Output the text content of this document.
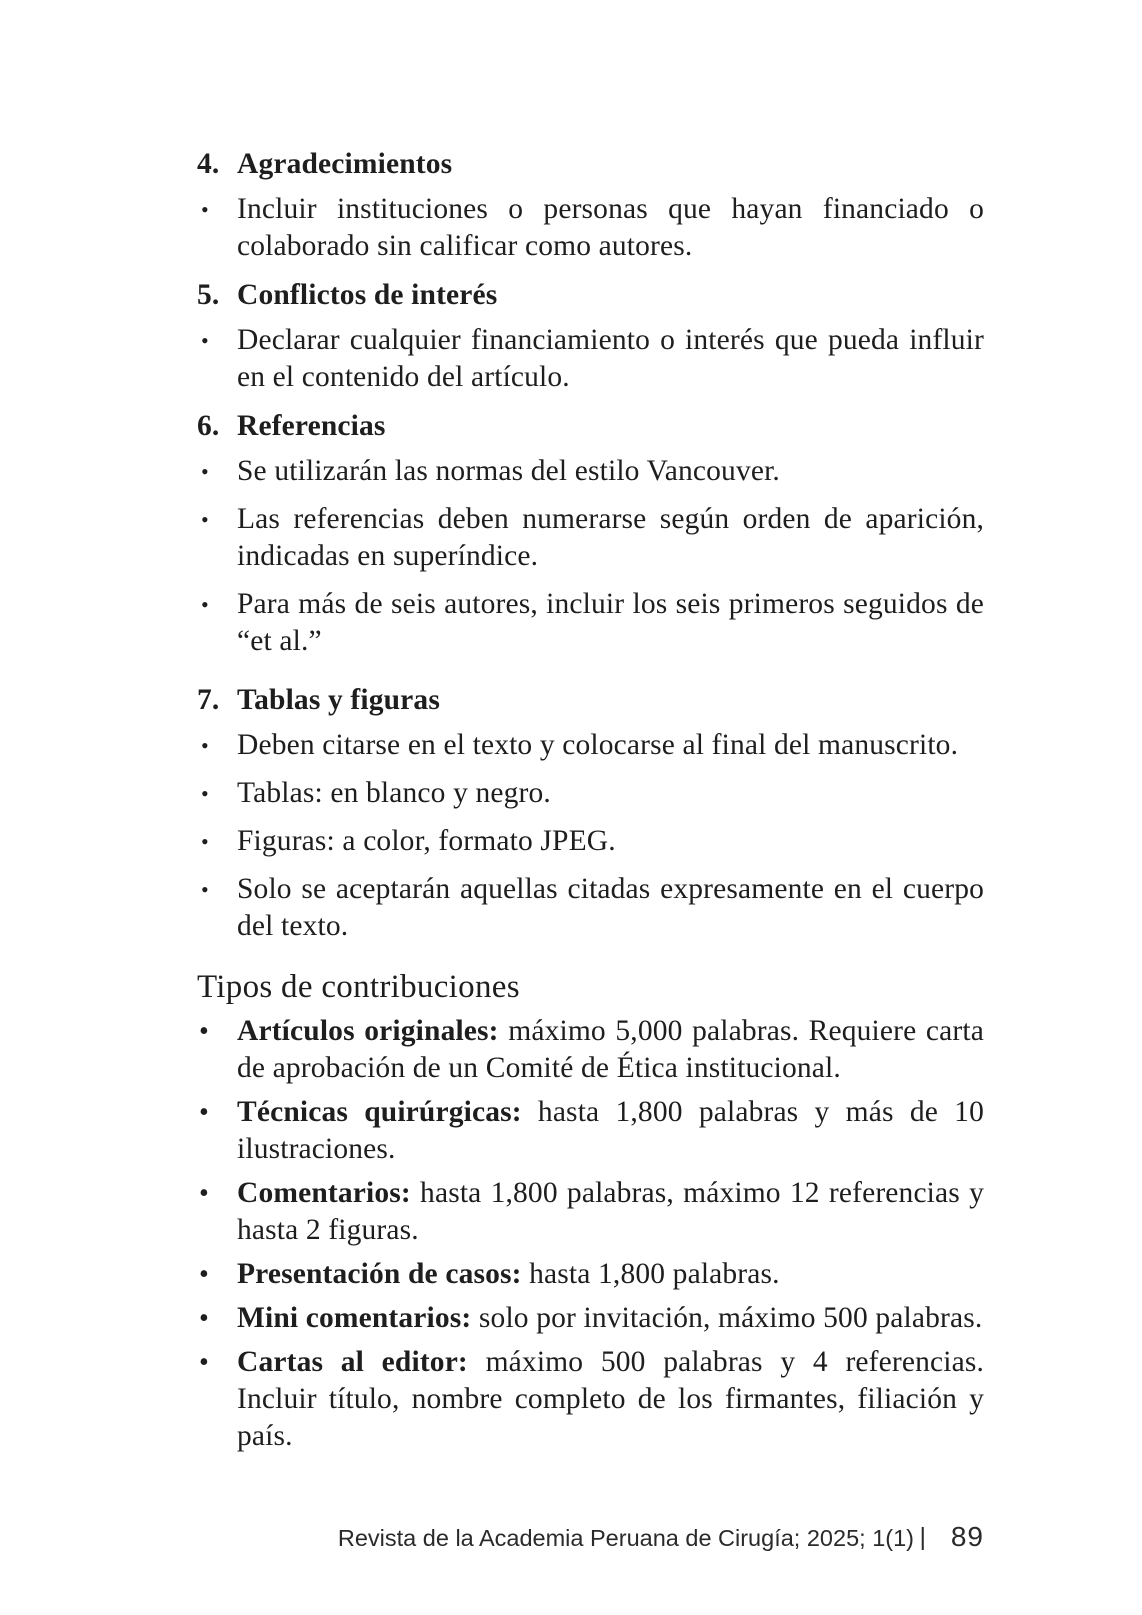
4. Agradecimientos
• Incluir instituciones o personas que hayan financiado o colaborado sin calificar como autores.
5. Conflictos de interés
• Declarar cualquier financiamiento o interés que pueda influir en el contenido del artículo.
6. Referencias
• Se utilizarán las normas del estilo Vancouver.
• Las referencias deben numerarse según orden de aparición, indicadas en superíndice.
• Para más de seis autores, incluir los seis primeros seguidos de “et al.”
7. Tablas y figuras
• Deben citarse en el texto y colocarse al final del manuscrito.
• Tablas: en blanco y negro.
• Figuras: a color, formato JPEG.
• Solo se aceptarán aquellas citadas expresamente en el cuerpo del texto.
Tipos de contribuciones
• Artículos originales: máximo 5,000 palabras. Requiere carta de aprobación de un Comité de Ética institucional.
• Técnicas quirúrgicas: hasta 1,800 palabras y más de 10 ilustraciones.
• Comentarios: hasta 1,800 palabras, máximo 12 referencias y hasta 2 figuras.
• Presentación de casos: hasta 1,800 palabras.
• Mini comentarios: solo por invitación, máximo 500 palabras.
• Cartas al editor: máximo 500 palabras y 4 referencias. Incluir título, nombre completo de los firmantes, filiación y país.
Revista de la Academia Peruana de Cirugía; 2025; 1(1) | 89
